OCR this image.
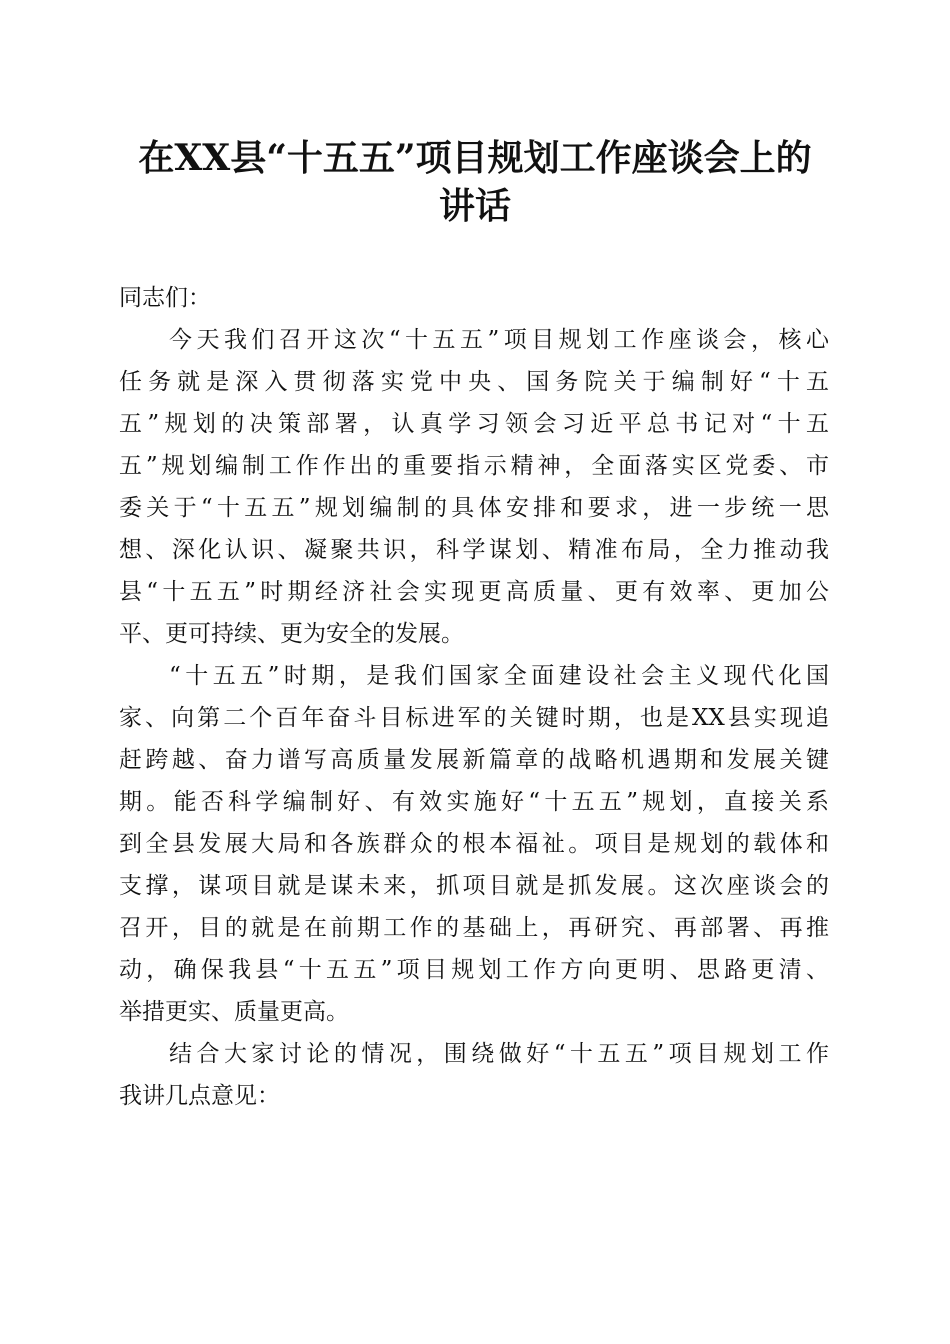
在XX县“十五五”项目规划工作座谈会上的
讲话
同志们：
今天我们召开这次“十五五”项目规划工作座谈会，核心
任务就是深入贯彻落实党中央、国务院关于编制好“十五
五”规划的决策部署，认真学习领会习近平总书记对“十五
五”规划编制工作作出的重要指示精神，全面落实区党委、市
委关于“十五五”规划编制的具体安排和要求，进一步统一思
想、深化认识、凝聚共识，科学谋划、精准布局，全力推动我
县“十五五”时期经济社会实现更高质量、更有效率、更加公
平、更可持续、更为安全的发展。
“十五五”时期，是我们国家全面建设社会主义现代化国
家、向第二个百年奋斗目标进军的关键时期，也是XX县实现追
赶跨越、奋力谱写高质量发展新篇章的战略机遇期和发展关键
期。能否科学编制好、有效实施好“十五五”规划，直接关系
到全县发展大局和各族群众的根本福祉。项目是规划的载体和
支撑，谋项目就是谋未来，抓项目就是抓发展。这次座谈会的
召开，目的就是在前期工作的基础上，再研究、再部署、再推
动，确保我县“十五五”项目规划工作方向更明、思路更清、
举措更实、质量更高。
结合大家讨论的情况，围绕做好“十五五”项目规划工作
我讲几点意见：
